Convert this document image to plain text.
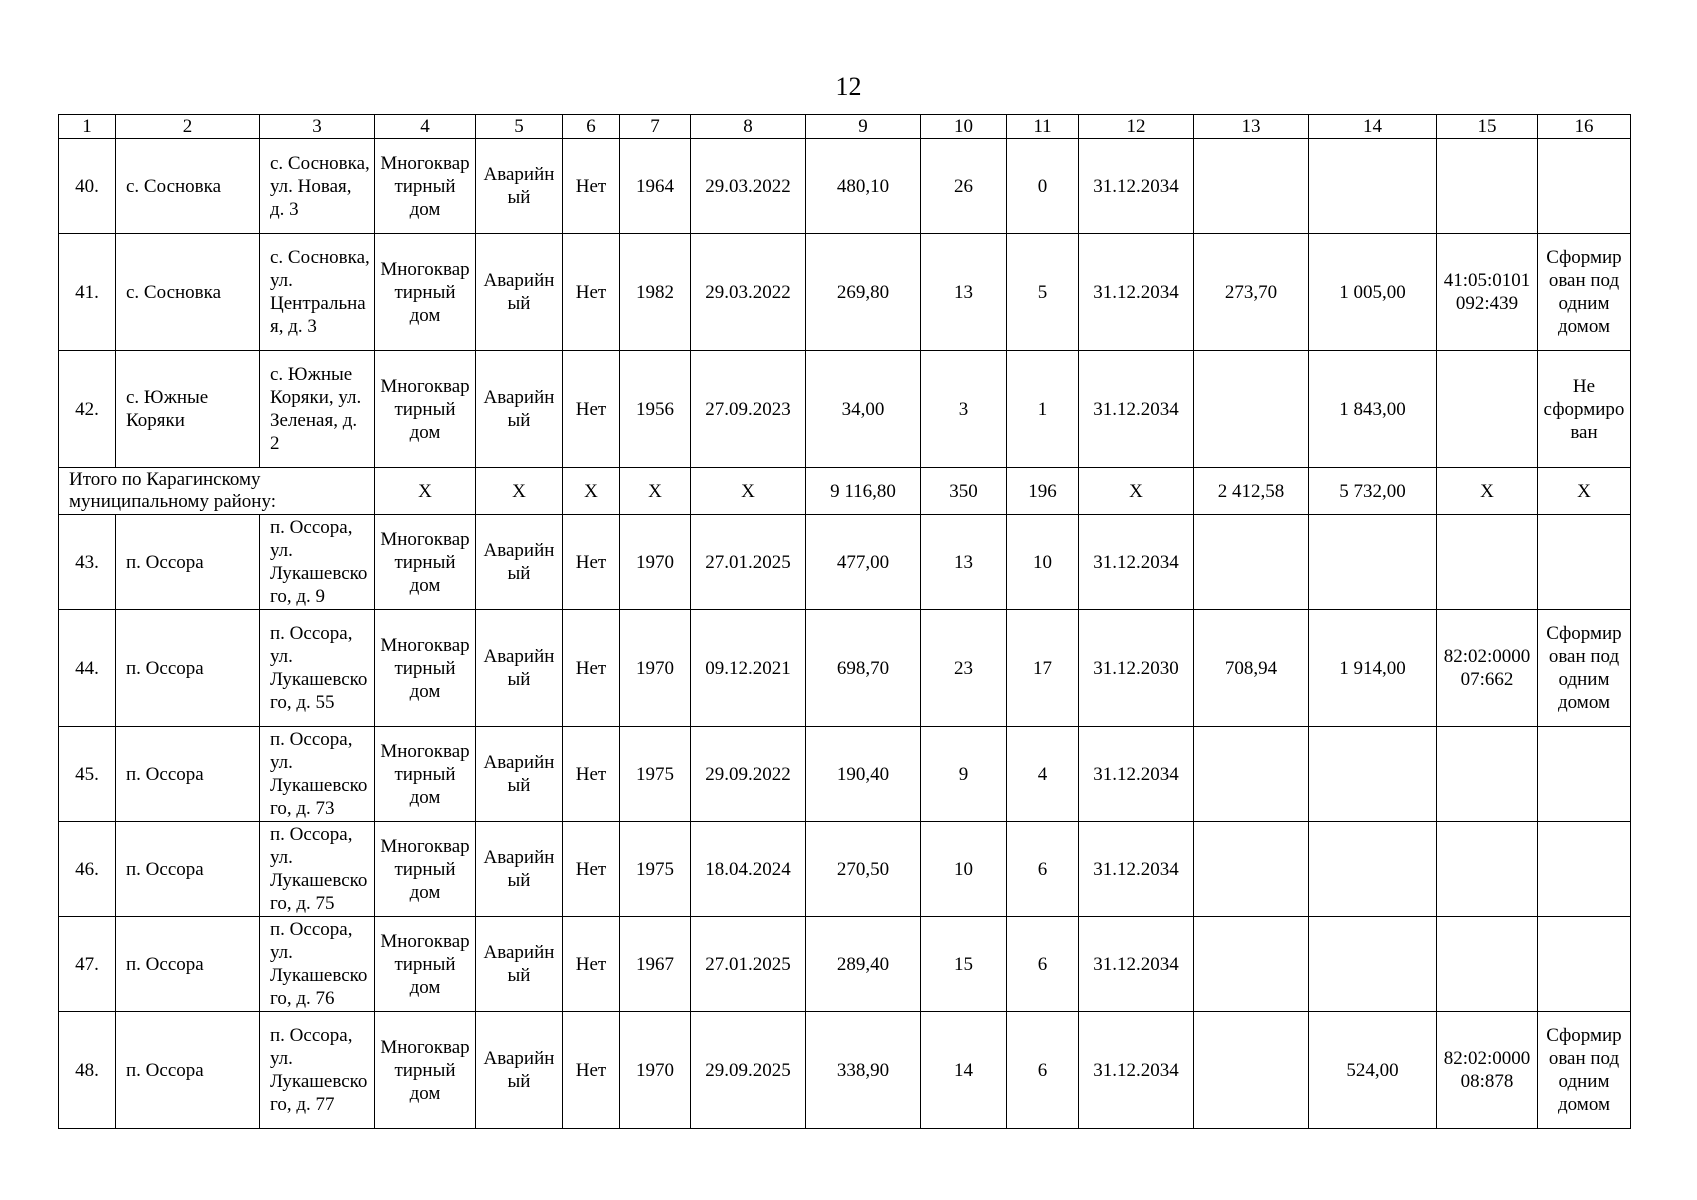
12
1	2	3	4	5	6	7	8	9	10	11	12	13	14	15	16
40.	с. Сосновка	с. Сосновка, ул. Новая, д. 3	Многоквартирный дом	Аварийный	Нет	1964	29.03.2022	480,10	26	0	31.12.2034				
41.	с. Сосновка	с. Сосновка, ул. Центральная, д. 3	Многоквартирный дом	Аварийный	Нет	1982	29.03.2022	269,80	13	5	31.12.2034	273,70	1 005,00	41:05:0101092:439	Сформирован под одним домом
42.	с. Южные Коряки	с. Южные Коряки, ул. Зеленая, д. 2	Многоквартирный дом	Аварийный	Нет	1956	27.09.2023	34,00	3	1	31.12.2034		1 843,00		Не сформирован
Итого по Карагинскому муниципальному району:			Х	Х	Х	Х	Х	9 116,80	350	196	Х	2 412,58	5 732,00	Х	Х
43.	п. Оссора	п. Оссора, ул. Лукашевского, д. 9	Многоквартирный дом	Аварийный	Нет	1970	27.01.2025	477,00	13	10	31.12.2034				
44.	п. Оссора	п. Оссора, ул. Лукашевского, д. 55	Многоквартирный дом	Аварийный	Нет	1970	09.12.2021	698,70	23	17	31.12.2030	708,94	1 914,00	82:02:000007:662	Сформирован под одним домом
45.	п. Оссора	п. Оссора, ул. Лукашевского, д. 73	Многоквартирный дом	Аварийный	Нет	1975	29.09.2022	190,40	9	4	31.12.2034				
46.	п. Оссора	п. Оссора, ул. Лукашевского, д. 75	Многоквартирный дом	Аварийный	Нет	1975	18.04.2024	270,50	10	6	31.12.2034				
47.	п. Оссора	п. Оссора, ул. Лукашевского, д. 76	Многоквартирный дом	Аварийный	Нет	1967	27.01.2025	289,40	15	6	31.12.2034				
48.	п. Оссора	п. Оссора, ул. Лукашевского, д. 77	Многоквартирный дом	Аварийный	Нет	1970	29.09.2025	338,90	14	6	31.12.2034		524,00	82:02:000008:878	Сформирован под одним домом
